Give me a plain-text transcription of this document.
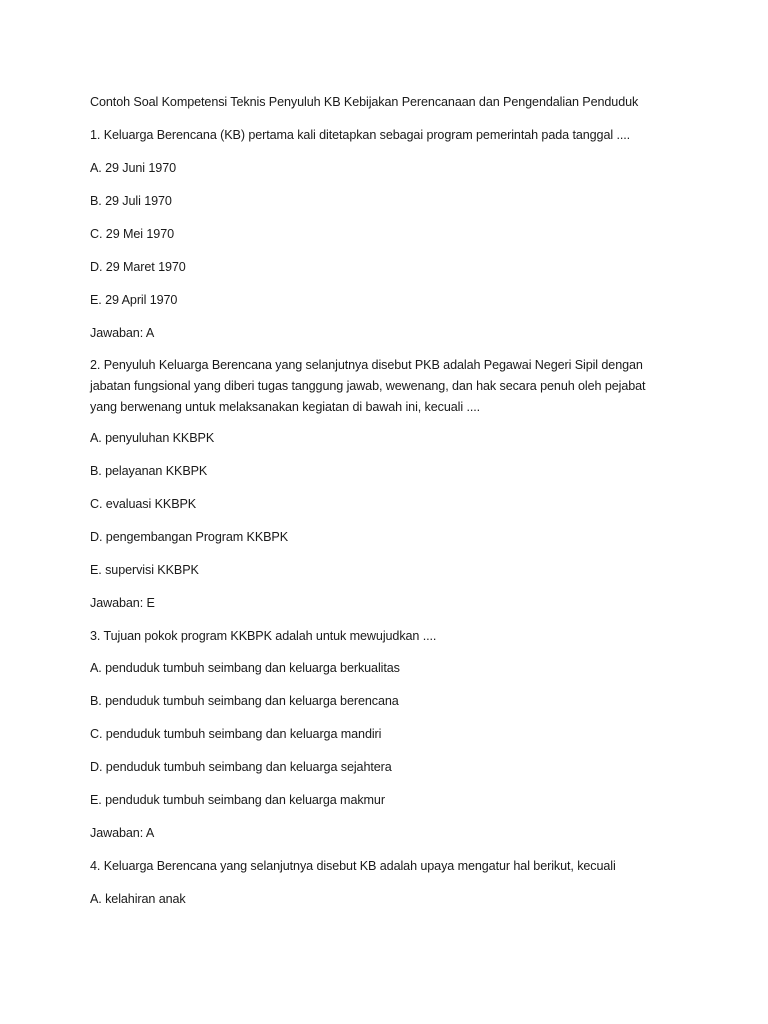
Contoh Soal Kompetensi Teknis Penyuluh KB Kebijakan Perencanaan dan Pengendalian Penduduk
1. Keluarga Berencana (KB) pertama kali ditetapkan sebagai program pemerintah pada tanggal ....
A. 29 Juni 1970
B. 29 Juli 1970
C. 29 Mei 1970
D. 29 Maret 1970
E. 29 April 1970
Jawaban: A
2. Penyuluh Keluarga Berencana yang selanjutnya disebut PKB adalah Pegawai Negeri Sipil dengan
jabatan fungsional yang diberi tugas tanggung jawab, wewenang, dan hak secara penuh oleh pejabat
yang berwenang untuk melaksanakan kegiatan di bawah ini, kecuali ....
A. penyuluhan KKBPK
B. pelayanan KKBPK
C. evaluasi KKBPK
D. pengembangan Program KKBPK
E. supervisi KKBPK
Jawaban: E
3. Tujuan pokok program KKBPK adalah untuk mewujudkan ....
A. penduduk tumbuh seimbang dan keluarga berkualitas
B. penduduk tumbuh seimbang dan keluarga berencana
C. penduduk tumbuh seimbang dan keluarga mandiri
D. penduduk tumbuh seimbang dan keluarga sejahtera
E. penduduk tumbuh seimbang dan keluarga makmur
Jawaban: A
4. Keluarga Berencana yang selanjutnya disebut KB adalah upaya mengatur hal berikut, kecuali
A. kelahiran anak
